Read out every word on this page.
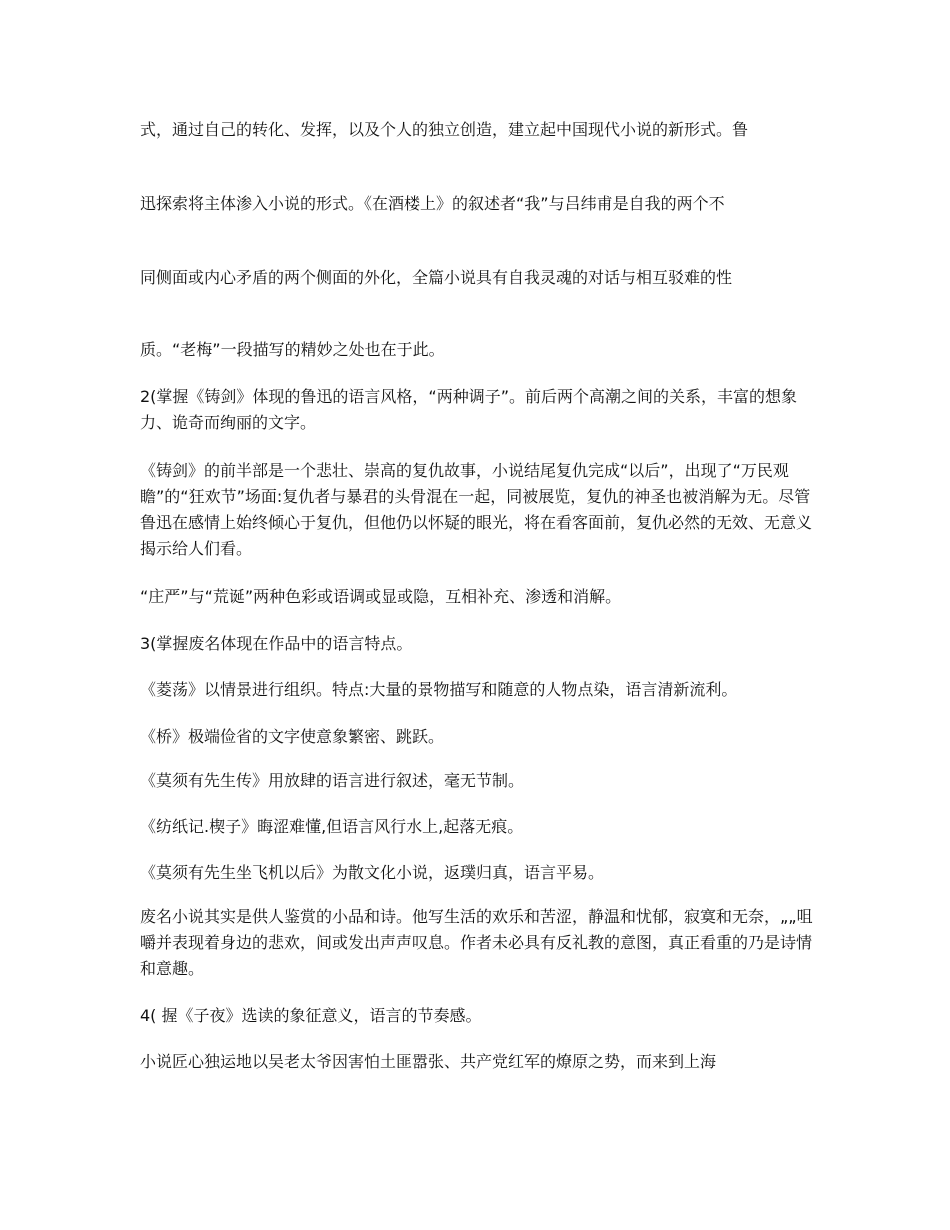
式，通过自己的转化、发挥，以及个人的独立创造，建立起中国现代小说的新形式。鲁

迅探索将主体渗入小说的形式。《在酒楼上》的叙述者“我”与吕纬甫是自我的两个不

同侧面或内心矛盾的两个侧面的外化，全篇小说具有自我灵魂的对话与相互驳难的性

质。“老梅”一段描写的精妙之处也在于此。

2(掌握《铸剑》体现的鲁迅的语言风格，“两种调子”。前后两个高潮之间的关系，丰富的想象力、诡奇而绚丽的文字。

《铸剑》的前半部是一个悲壮、崇高的复仇故事，小说结尾复仇完成“以后”，出现了“万民观瞻”的“狂欢节”场面:复仇者与暴君的头骨混在一起，同被展览，复仇的神圣也被消解为无。尽管鲁迅在感情上始终倾心于复仇，但他仍以怀疑的眼光，将在看客面前，复仇必然的无效、无意义揭示给人们看。

“庄严”与“荒诞”两种色彩或语调或显或隐，互相补充、渗透和消解。

3(掌握废名体现在作品中的语言特点。

《菱荡》以情景进行组织。特点:大量的景物描写和随意的人物点染，语言清新流利。

《桥》极端俭省的文字使意象繁密、跳跃。

《莫须有先生传》用放肆的语言进行叙述，毫无节制。

《纺纸记.楔子》晦涩难懂,但语言风行水上,起落无痕。

《莫须有先生坐飞机以后》为散文化小说，返璞归真，语言平易。

废名小说其实是供人鉴赏的小品和诗。他写生活的欢乐和苦涩，静温和忧郁，寂寞和无奈，„„咀嚼并表现着身边的悲欢，间或发出声声叹息。作者未必具有反礼教的意图，真正看重的乃是诗情和意趣。

4( 握《子夜》选读的象征意义，语言的节奏感。

小说匠心独运地以吴老太爷因害怕土匪嚣张、共产党红军的燎原之势，而来到上海
